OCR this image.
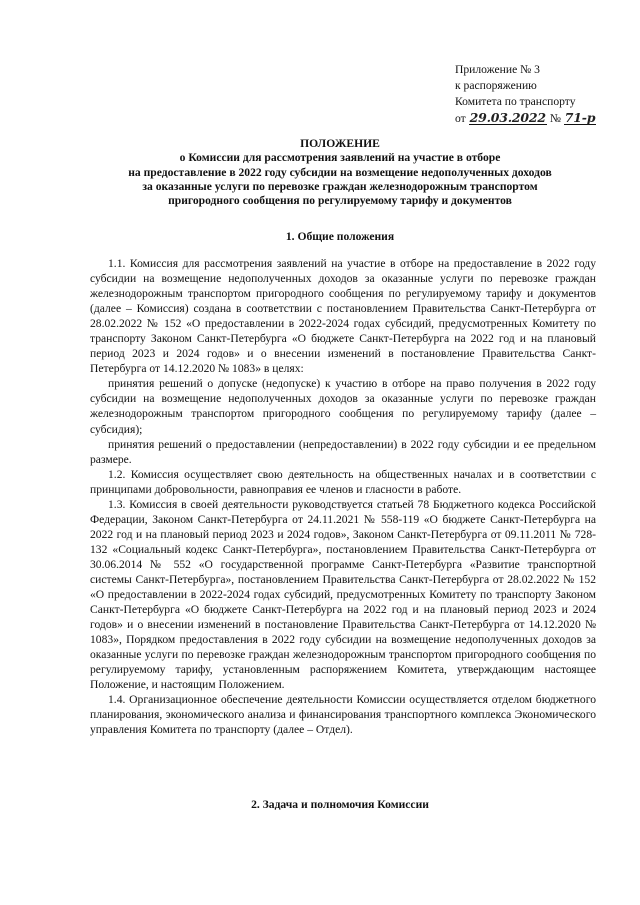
Приложение № 3
к распоряжению
Комитета по транспорту
от 29.03.2022 № 71-р
ПОЛОЖЕНИЕ
о Комиссии для рассмотрения заявлений на участие в отборе
на предоставление в 2022 году субсидии на возмещение недополученных доходов
за оказанные услуги по перевозке граждан железнодорожным транспортом
пригородного сообщения по регулируемому тарифу и документов
1. Общие положения

1.1. Комиссия для рассмотрения заявлений на участие в отборе на предоставление в 2022 году субсидии на возмещение недополученных доходов за оказанные услуги по перевозке граждан железнодорожным транспортом пригородного сообщения по регулируемому тарифу и документов (далее – Комиссия) создана в соответствии с постановлением Правительства Санкт-Петербурга от 28.02.2022 № 152 «О предоставлении в 2022-2024 годах субсидий, предусмотренных Комитету по транспорту Законом Санкт-Петербурга «О бюджете Санкт-Петербурга на 2022 год и на плановый период 2023 и 2024 годов» и о внесении изменений в постановление Правительства Санкт-Петербурга от 14.12.2020 № 1083» в целях:

принятия решений о допуске (недопуске) к участию в отборе на право получения в 2022 году субсидии на возмещение недополученных доходов за оказанные услуги по перевозке граждан железнодорожным транспортом пригородного сообщения по регулируемому тарифу (далее – субсидия);

принятия решений о предоставлении (непредоставлении) в 2022 году субсидии и ее предельном размере.

1.2. Комиссия осуществляет свою деятельность на общественных началах и в соответствии с принципами добровольности, равноправия ее членов и гласности в работе.

1.3. Комиссия в своей деятельности руководствуется статьей 78 Бюджетного кодекса Российской Федерации, Законом Санкт-Петербурга от 24.11.2021 № 558-119 «О бюджете Санкт-Петербурга на 2022 год и на плановый период 2023 и 2024 годов», Законом Санкт-Петербурга от 09.11.2011 № 728-132 «Социальный кодекс Санкт-Петербурга», постановлением Правительства Санкт-Петербурга от 30.06.2014 № 552 «О государственной программе Санкт-Петербурга «Развитие транспортной системы Санкт-Петербурга», постановлением Правительства Санкт-Петербурга от 28.02.2022 № 152 «О предоставлении в 2022-2024 годах субсидий, предусмотренных Комитету по транспорту Законом Санкт-Петербурга «О бюджете Санкт-Петербурга на 2022 год и на плановый период 2023 и 2024 годов» и о внесении изменений в постановление Правительства Санкт-Петербурга от 14.12.2020 № 1083», Порядком предоставления в 2022 году субсидии на возмещение недополученных доходов за оказанные услуги по перевозке граждан железнодорожным транспортом пригородного сообщения по регулируемому тарифу, установленным распоряжением Комитета, утверждающим настоящее Положение, и настоящим Положением.

1.4. Организационное обеспечение деятельности Комиссии осуществляется отделом бюджетного планирования, экономического анализа и финансирования транспортного комплекса Экономического управления Комитета по транспорту (далее – Отдел).

2. Задача и полномочия Комиссии
